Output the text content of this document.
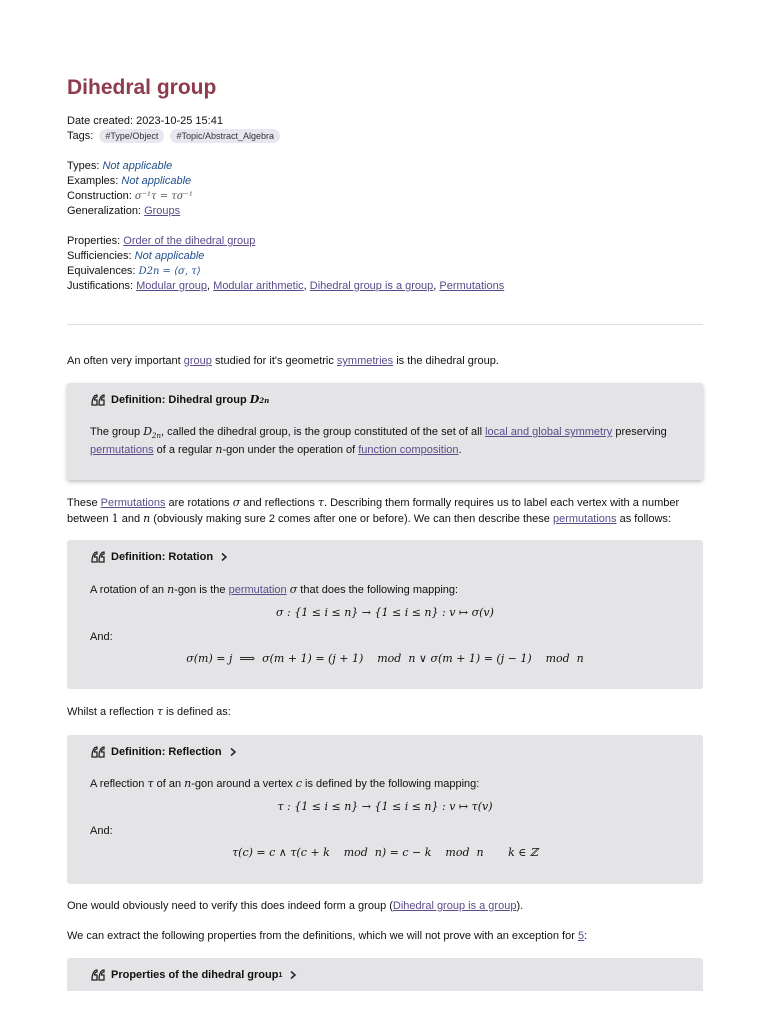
Dihedral group
Date created: 2023-10-25 15:41
Tags: #Type/Object #Topic/Abstract_Algebra
Types: Not applicable
Examples: Not applicable
Construction: σ⁻¹τ = τσ⁻¹
Generalization: Groups
Properties: Order of the dihedral group
Sufficiencies: Not applicable
Equivalences: D2n = ⟨σ, τ⟩
Justifications: Modular group, Modular arithmetic, Dihedral group is a group, Permutations
An often very important group studied for it's geometric symmetries is the dihedral group.
Definition: Dihedral group
D 2n
The group $D_{2n}$, called the dihedral group, is the group constituted of the set of all local and global symmetry preserving
permutations of a regular n-gon under the operation of function composition.
These Permutations are rotations σ and reflections τ. Describing them formally requires us to label each vertex with a number
between 1 and n (obviously making sure 2 comes after one or before). We can then describe these permutations as follows:
Definition: Rotation
A rotation of an n-gon is the permutation σ that does the following mapping:
σ : {1 ≤ i ≤ n} → {1 ≤ i ≤ n} : v ↦ σ(v)
And:
σ(m) = j  ⟹  σ(m + 1) = (j + 1)    mod  n ∨ σ(m + 1) = (j − 1)    mod  n
Whilst a reflection τ is defined as:
Definition: Reflection
A reflection τ of an n-gon around a vertex c is defined by the following mapping:
τ : {1 ≤ i ≤ n} → {1 ≤ i ≤ n} : v ↦ τ(v)
And:
τ(c) = c ∧ τ(c + k    mod  n) = c − k    mod  n       k ∈ ℤ
One would obviously need to verify this does indeed form a group (Dihedral group is a group).
We can extract the following properties from the definitions, which we will not prove with an exception for 5:
Properties of the dihedral group 1
